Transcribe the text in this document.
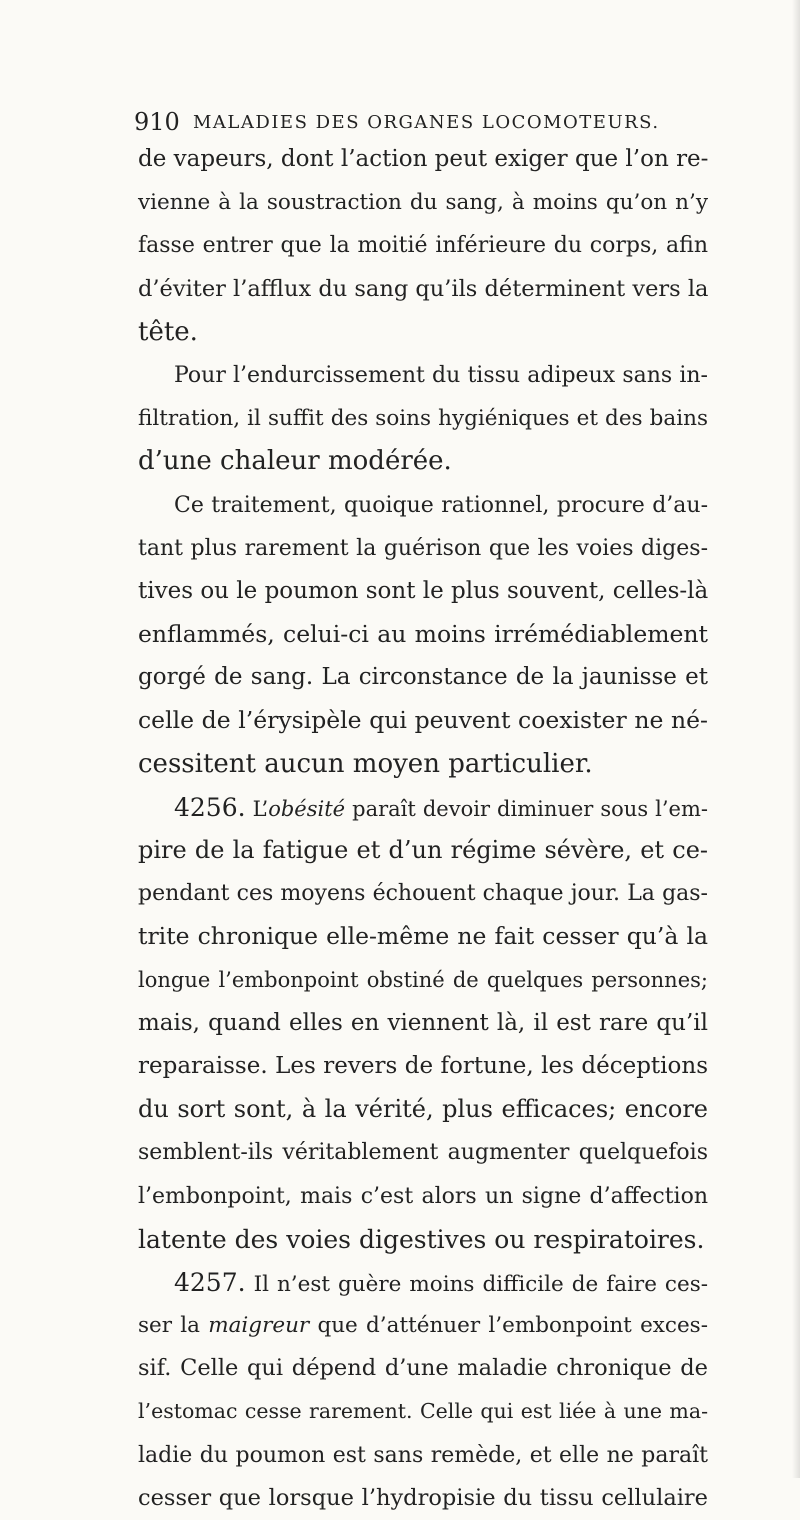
910 MALADIES DES ORGANES LOCOMOTEURS.
de vapeurs, dont l’action peut exiger que l’on re-
vienne à la soustraction du sang, à moins qu’on n’y
fasse entrer que la moitié inférieure du corps, afin
d’éviter l’afflux du sang qu’ils déterminent vers la
tête.
Pour l’endurcissement du tissu adipeux sans in-
filtration, il suffit des soins hygiéniques et des bains
d’une chaleur modérée.
Ce traitement, quoique rationnel, procure d’au-
tant plus rarement la guérison que les voies diges-
tives ou le poumon sont le plus souvent, celles-là
enflammés, celui-ci au moins irrémédiablement
gorgé de sang. La circonstance de la jaunisse et
celle de l’érysipèle qui peuvent coexister ne né-
cessitent aucun moyen particulier.
4256. L’obésité paraît devoir diminuer sous l’em-
pire de la fatigue et d’un régime sévère, et ce-
pendant ces moyens échouent chaque jour. La gas-
trite chronique elle-même ne fait cesser qu’à la
longue l’embonpoint obstiné de quelques personnes;
mais, quand elles en viennent là, il est rare qu’il
reparaisse. Les revers de fortune, les déceptions
du sort sont, à la vérité, plus efficaces; encore
semblent-ils véritablement augmenter quelquefois
l’embonpoint, mais c’est alors un signe d’affection
latente des voies digestives ou respiratoires.
4257. Il n’est guère moins difficile de faire ces-
ser la maigreur que d’atténuer l’embonpoint exces-
sif. Celle qui dépend d’une maladie chronique de
l’estomac cesse rarement. Celle qui est liée à une ma-
ladie du poumon est sans remède, et elle ne paraît
cesser que lorsque l’hydropisie du tissu cellulaire
